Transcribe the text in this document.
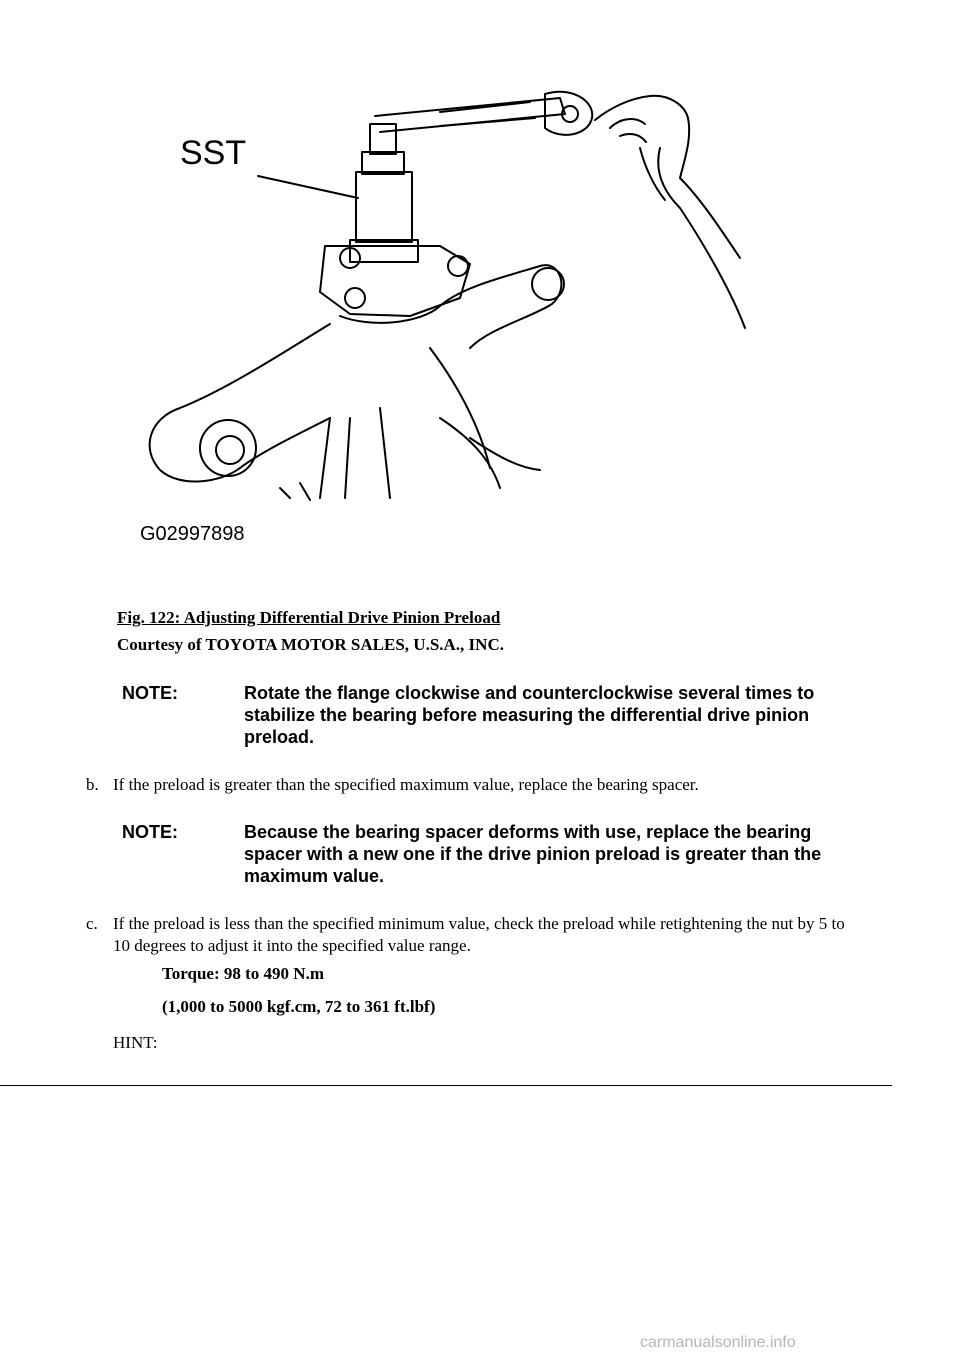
SST
G02997898
Fig. 122: Adjusting Differential Drive Pinion Preload
Courtesy of TOYOTA MOTOR SALES, U.S.A., INC.
NOTE:	Rotate the flange clockwise and counterclockwise several times to stabilize the bearing before measuring the differential drive pinion preload.
b. If the preload is greater than the specified maximum value, replace the bearing spacer.
NOTE:	Because the bearing spacer deforms with use, replace the bearing spacer with a new one if the drive pinion preload is greater than the maximum value.
c. If the preload is less than the specified minimum value, check the preload while retightening the nut by 5 to 10 degrees to adjust it into the specified value range.
Torque: 98 to 490 N.m
(1,000 to 5000 kgf.cm, 72 to 361 ft.lbf)
HINT:
carmanualsonline.info
